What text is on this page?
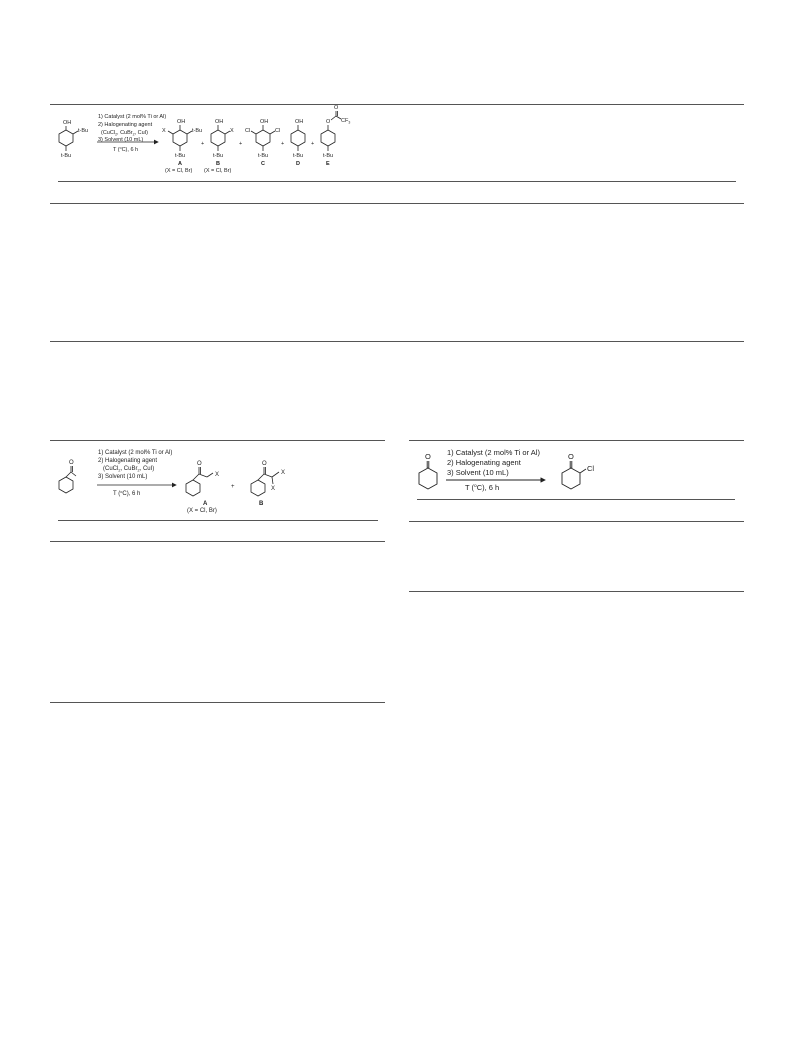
OH
t-Bu
t-Bu
1) Catalyst (2 mol% Ti or Al)
2) Halogenating agent
(CuCl$_2$, CuBr$_2$, CuI)
3) Solvent (10 mL)
T ($^o$C), 6 h
OH
t-Bu
X
t-Bu
A
(X = Cl, Br)
+
OH
X
t-Bu
B
(X = Cl, Br)
+
OH
Cl	Cl
t-Bu
C
+
OH
t-Bu
D
+
O
O
$CF_3$
t-Bu
E
O
1) Catalyst (2 mol% Ti or Al)
2) Halogenating agent
(CuCl$_2$, CuBr$_2$, CuI)
3) Solvent (10 mL)
T ($^o$C), 6 h
O
X
A
(X = Cl, Br)
+
O
X
X
B
O 1) Catalyst (2 mol% Ti or Al)
2) Halogenating agent
3) Solvent (10 mL)
T ($^o$C), 6 h
O
Cl
